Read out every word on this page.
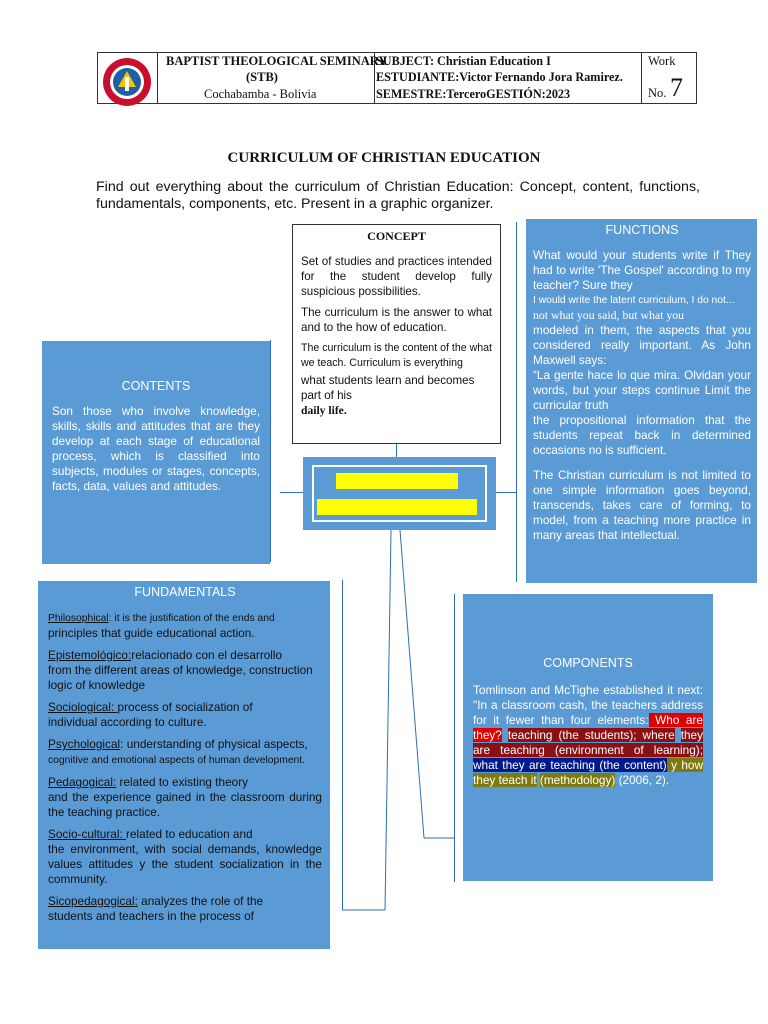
BAPTIST THEOLOGICAL SEMINARY
(STB)
Cochabamba - Bolivia
SUBJECT: Christian Education I
ESTUDIANTE:Victor Fernando Jora Ramirez.
SEMESTRE:TerceroGESTIÓN:2023
Work
No. 7
CURRICULUM OF CHRISTIAN EDUCATION
Find out everything about the curriculum of Christian Education: Concept, content, functions, fundamentals, components, etc. Present in a graphic organizer.
CONCEPT

Set of studies and practices intended for the student develop fully suspicious possibilities.

The curriculum is the answer to what and to the how of education.

The curriculum is the content of the what we teach. Curriculum is everything

what students learn and becomes part of his
daily life.
CONTENTS
Son those who involve knowledge, skills, skills and attitudes that are they develop at each stage of educational process, which is classified into subjects, modules or stages, concepts, facts, data, values and attitudes.
FUNCTIONS
What would your students write if They had to write 'The Gospel' according to my teacher? Sure they
I would write the latent curriculum, I do not...
not what you said, but what you
modeled in them, the aspects that you considered really important. As John Maxwell says:
“La gente hace lo que mira. Olvidan your words, but your steps continue Limit the curricular truth
the propositional information that the students repeat back in determined occasions no is sufficient.
The Christian curriculum is not limited to one simple information goes beyond, transcends, takes care of forming, to model, from a teaching more practice in many areas that intellectual.
FUNDAMENTALS
Philosophical: it is the justification of the ends and
principles that guide educational action.
Epistemológico:relacionado con el desarrollo
from the different areas of knowledge, construction logic of knowledge
Sociological: process of socialization of
individual according to culture.
Psychological: understanding of physical aspects,
cognitive and emotional aspects of human development.
Pedagogical: related to existing theory
and the experience gained in the classroom during the teaching practice.
Socio-cultural: related to education and
the environment, with social demands, knowledge values attitudes y the student socialization in the community.
Sicopedagogical: analyzes the role of the
students and teachers in the process of
COMPONENTS
Tomlinson and McTighe established it next: "In a classroom cash, the teachers address for it fewer than four elements: Who are they? teaching (the students); where they are teaching (environment of learning); what they are teaching (the content) y how they teach it (methodology) (2006, 2).
